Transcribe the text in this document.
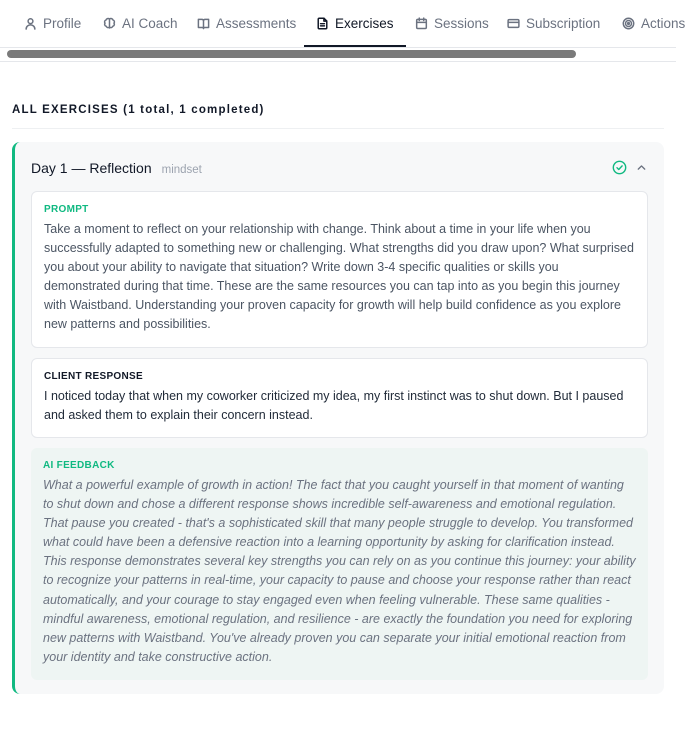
Profile	AI Coach	Assessments	Exercises	Sessions	Subscription	Actions
ALL EXERCISES (1 total, 1 completed)
Day 1 — Reflection mindset
PROMPT
Take a moment to reflect on your relationship with change. Think about a time in your life when you successfully adapted to something new or challenging. What strengths did you draw upon? What surprised you about your ability to navigate that situation? Write down 3-4 specific qualities or skills you demonstrated during that time. These are the same resources you can tap into as you begin this journey with Waistband. Understanding your proven capacity for growth will help build confidence as you explore new patterns and possibilities.
CLIENT RESPONSE
I noticed today that when my coworker criticized my idea, my first instinct was to shut down. But I paused and asked them to explain their concern instead.
AI FEEDBACK
What a powerful example of growth in action! The fact that you caught yourself in that moment of wanting to shut down and chose a different response shows incredible self-awareness and emotional regulation. That pause you created - that's a sophisticated skill that many people struggle to develop. You transformed what could have been a defensive reaction into a learning opportunity by asking for clarification instead. This response demonstrates several key strengths you can rely on as you continue this journey: your ability to recognize your patterns in real-time, your capacity to pause and choose your response rather than react automatically, and your courage to stay engaged even when feeling vulnerable. These same qualities - mindful awareness, emotional regulation, and resilience - are exactly the foundation you need for exploring new patterns with Waistband. You've already proven you can separate your initial emotional reaction from your identity and take constructive action.
